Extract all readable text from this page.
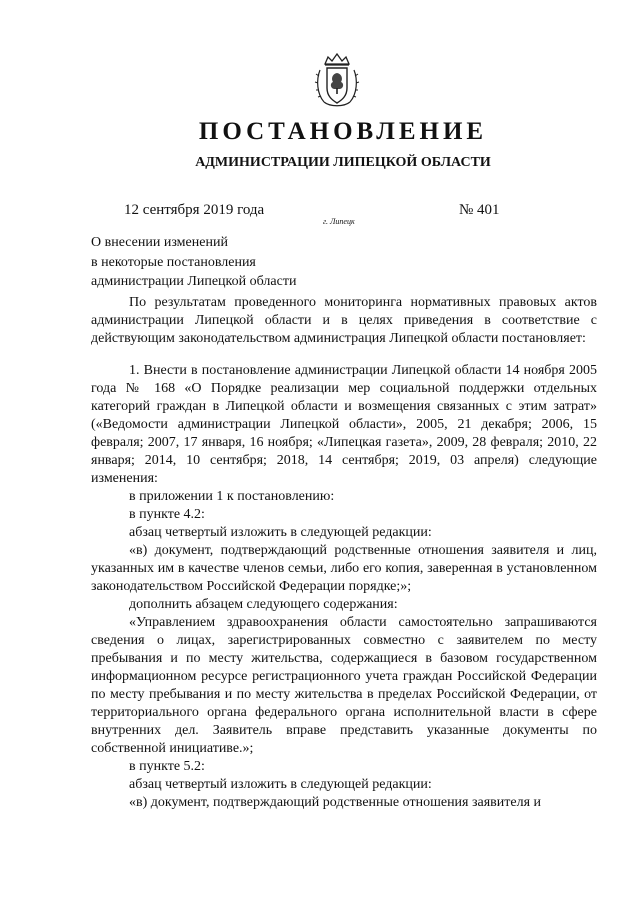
ПОСТАНОВЛЕНИЕ
АДМИНИСТРАЦИИ ЛИПЕЦКОЙ ОБЛАСТИ
12 сентября 2019 года
г. Липецк
№ 401
О внесении изменений
в некоторые постановления
администрации Липецкой области

По результатам проведенного мониторинга нормативных правовых актов администрации Липецкой области и в целях приведения в соответствие с действующим законодательством администрация Липецкой области постановляет:

1. Внести в постановление администрации Липецкой области 14 ноября 2005 года № 168 «О Порядке реализации мер социальной поддержки отдельных категорий граждан в Липецкой области и возмещения связанных с этим затрат» («Ведомости администрации Липецкой области», 2005, 21 декабря; 2006, 15 февраля; 2007, 17 января, 16 ноября; «Липецкая газета», 2009, 28 февраля; 2010, 22 января; 2014, 10 сентября; 2018, 14 сентября; 2019, 03 апреля) следующие изменения:

в приложении 1 к постановлению:

в пункте 4.2:

абзац четвертый изложить в следующей редакции:

«в) документ, подтверждающий родственные отношения заявителя и лиц, указанных им в качестве членов семьи, либо его копия, заверенная в установленном законодательством Российской Федерации порядке;»;

дополнить абзацем следующего содержания:

«Управлением здравоохранения области самостоятельно запрашиваются сведения о лицах, зарегистрированных совместно с заявителем по месту пребывания и по месту жительства, содержащиеся в базовом государственном информационном ресурсе регистрационного учета граждан Российской Федерации по месту пребывания и по месту жительства в пределах Российской Федерации, от территориального органа федерального органа исполнительной власти в сфере внутренних дел. Заявитель вправе представить указанные документы по собственной инициативе.»;

в пункте 5.2:

абзац четвертый изложить в следующей редакции:

«в) документ, подтверждающий родственные отношения заявителя и
